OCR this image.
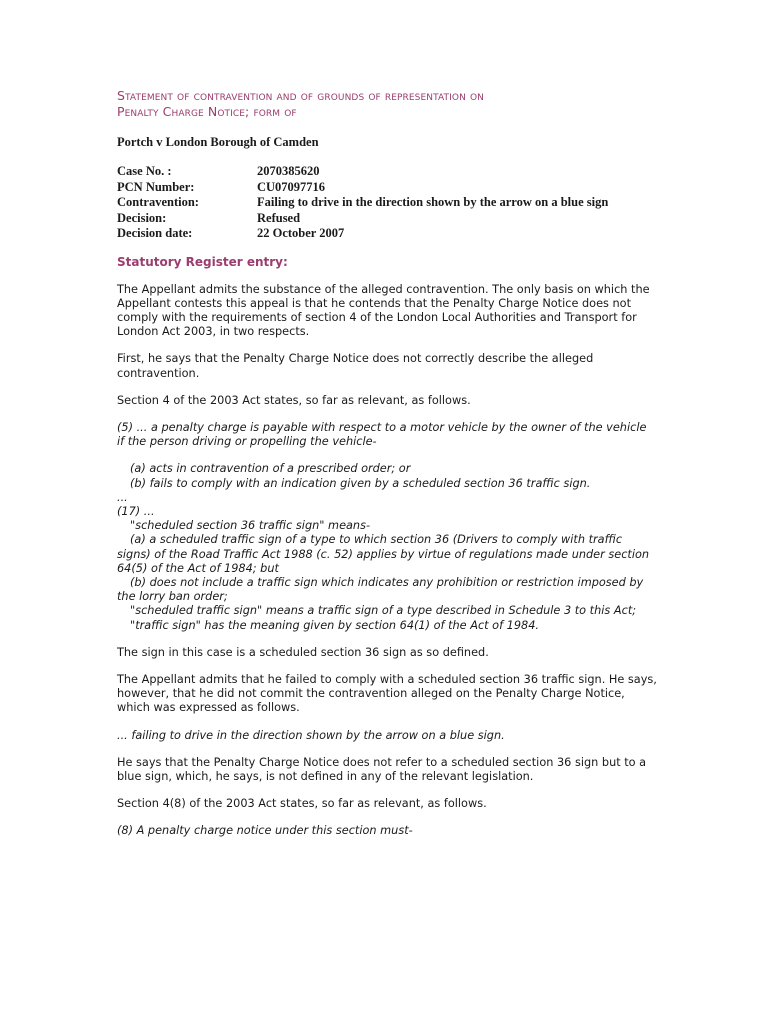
Statement of contravention and of grounds of representation on
Penalty Charge Notice; form of
Portch v London Borough of Camden
Case No. :	2070385620
PCN Number:	CU07097716
Contravention:	Failing to drive in the direction shown by the arrow on a blue sign
Decision:	Refused
Decision date:	22 October 2007
Statutory Register entry:

The Appellant admits the substance of the alleged contravention. The only basis on which the Appellant contests this appeal is that he contends that the Penalty Charge Notice does not comply with the requirements of section 4 of the London Local Authorities and Transport for London Act 2003, in two respects.

First, he says that the Penalty Charge Notice does not correctly describe the alleged contravention.

Section 4 of the 2003 Act states, so far as relevant, as follows.

(5) ... a penalty charge is payable with respect to a motor vehicle by the owner of the vehicle if the person driving or propelling the vehicle-

(a) acts in contravention of a prescribed order; or
(b) fails to comply with an indication given by a scheduled section 36 traffic sign.
...
(17) ...
"scheduled section 36 traffic sign" means-
(a) a scheduled traffic sign of a type to which section 36 (Drivers to comply with traffic signs) of the Road Traffic Act 1988 (c. 52) applies by virtue of regulations made under section 64(5) of the Act of 1984; but
(b) does not include a traffic sign which indicates any prohibition or restriction imposed by the lorry ban order;
"scheduled traffic sign" means a traffic sign of a type described in Schedule 3 to this Act;
"traffic sign" has the meaning given by section 64(1) of the Act of 1984.

The sign in this case is a scheduled section 36 sign as so defined.

The Appellant admits that he failed to comply with a scheduled section 36 traffic sign. He says, however, that he did not commit the contravention alleged on the Penalty Charge Notice, which was expressed as follows.

... failing to drive in the direction shown by the arrow on a blue sign.

He says that the Penalty Charge Notice does not refer to a scheduled section 36 sign but to a blue sign, which, he says, is not defined in any of the relevant legislation.

Section 4(8) of the 2003 Act states, so far as relevant, as follows.

(8) A penalty charge notice under this section must-
